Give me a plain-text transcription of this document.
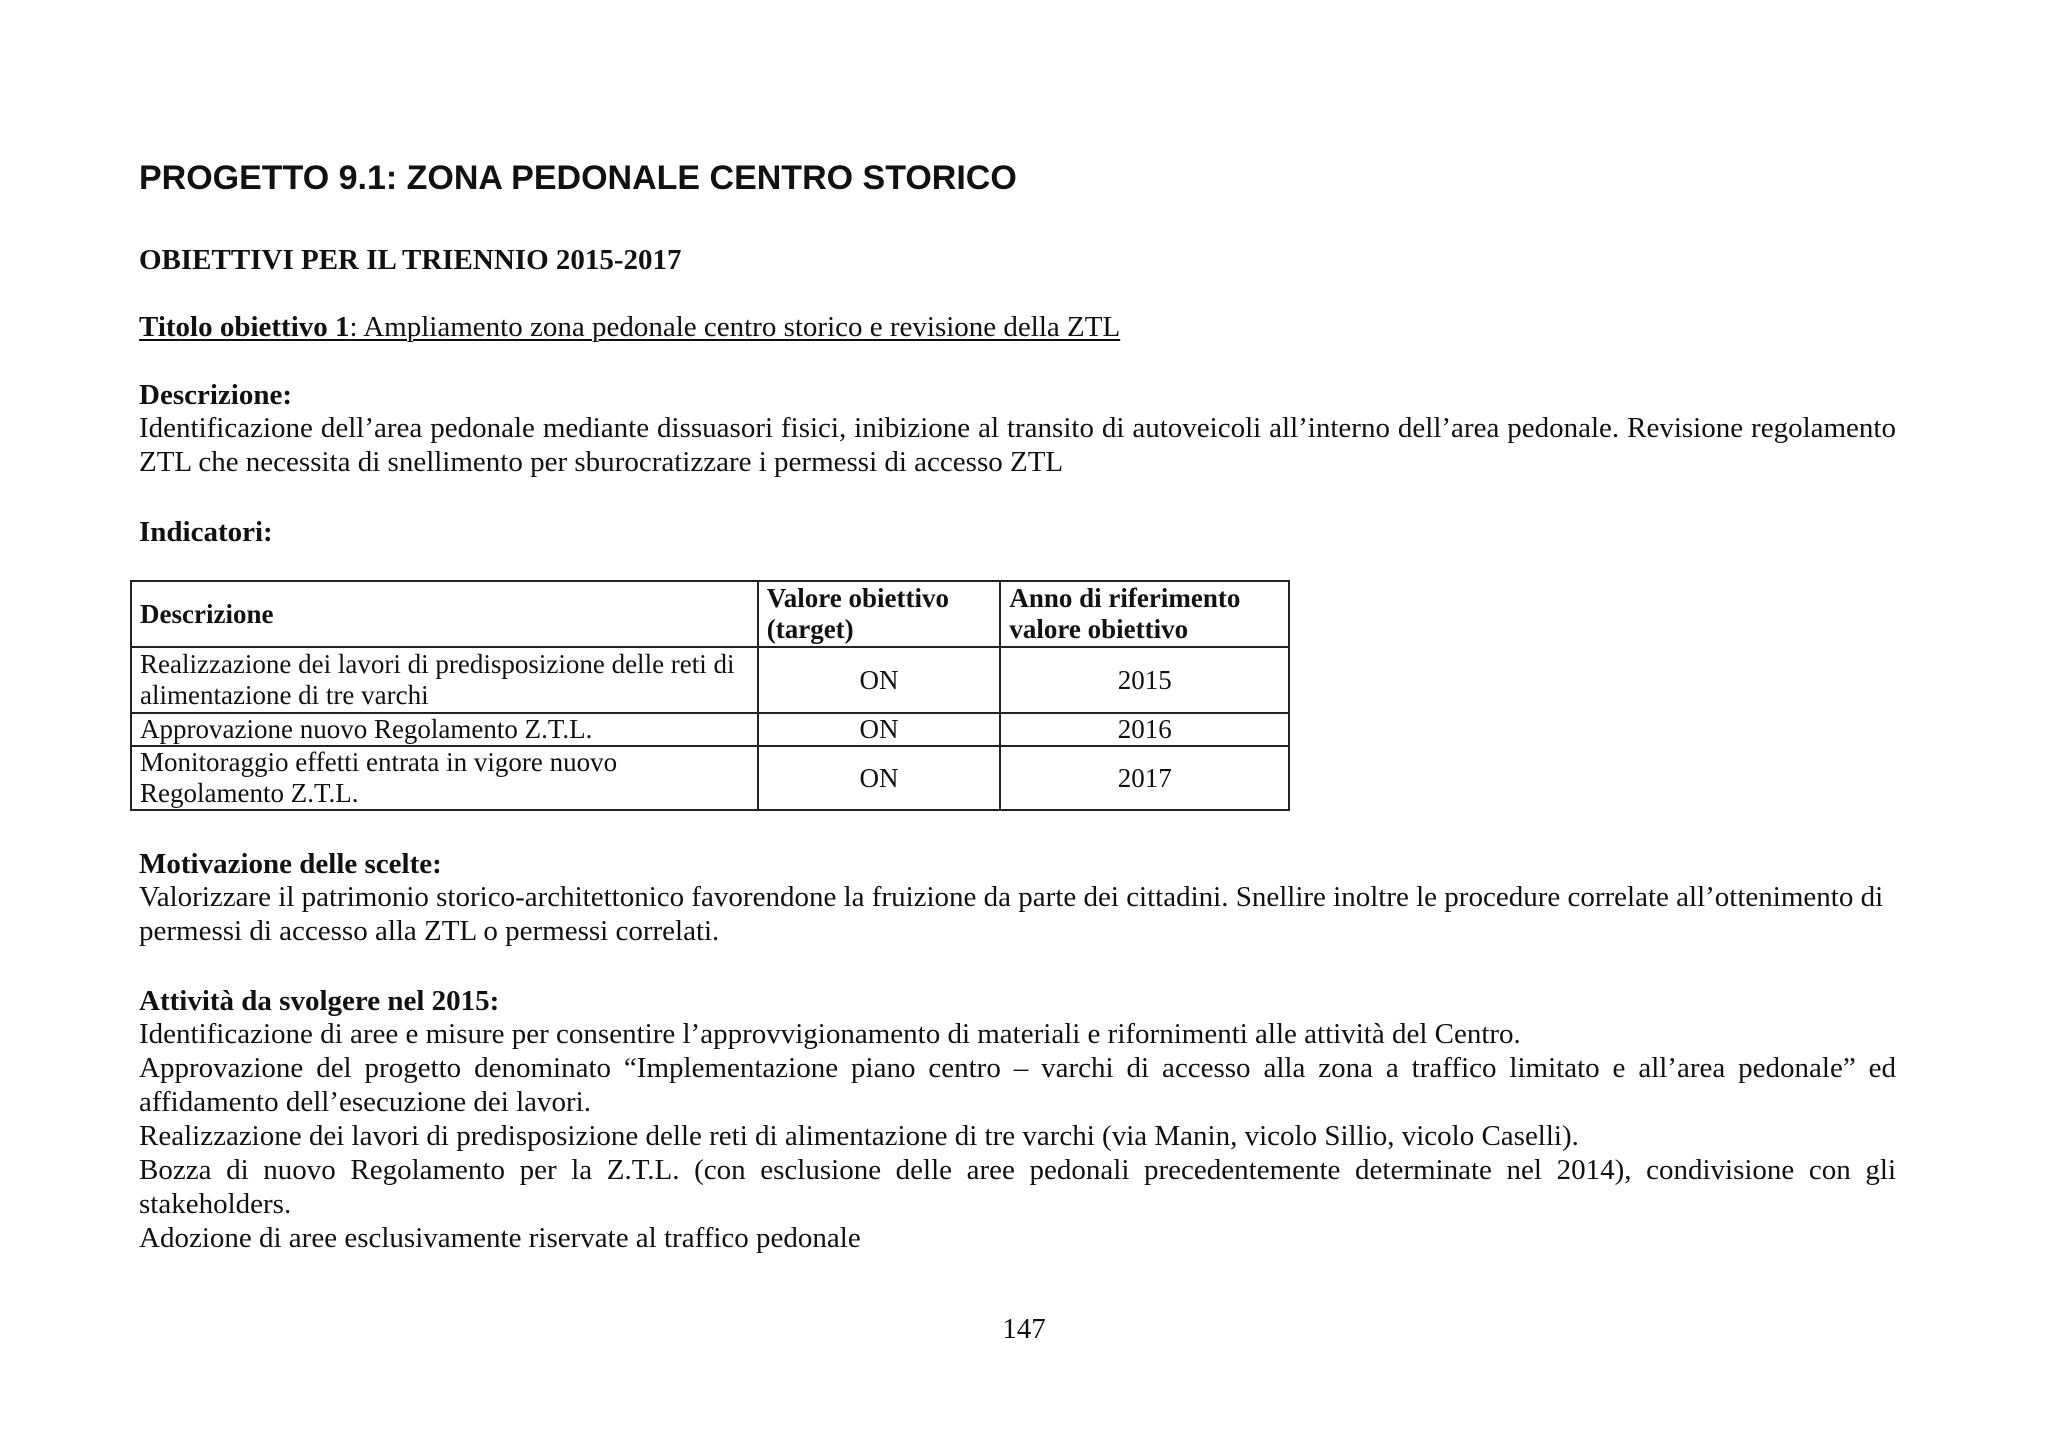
PROGETTO 9.1: ZONA PEDONALE CENTRO STORICO
OBIETTIVI PER IL TRIENNIO 2015-2017

Titolo obiettivo 1: Ampliamento zona pedonale centro storico e revisione della ZTL

Descrizione:

Identificazione dell’area pedonale mediante dissuasori fisici, inibizione al transito di autoveicoli all’interno dell’area pedonale. Revisione regolamento ZTL che necessita di snellimento per sburocratizzare i permessi di accesso ZTL

Indicatori:
Descrizione	Valore obiettivo (target)	Anno di riferimento valore obiettivo
Realizzazione dei lavori di predisposizione delle reti di alimentazione di tre varchi	ON	2015
Approvazione nuovo Regolamento Z.T.L.	ON	2016
Monitoraggio effetti entrata in vigore nuovo Regolamento Z.T.L.	ON	2017
Motivazione delle scelte:

Valorizzare il patrimonio storico-architettonico favorendone la fruizione da parte dei cittadini. Snellire inoltre le procedure correlate all’ottenimento di permessi di accesso alla ZTL o permessi correlati.

Attività da svolgere nel 2015:

Identificazione di aree e misure per consentire l’approvvigionamento di materiali e rifornimenti alle attività del Centro.

Approvazione del progetto denominato “Implementazione piano centro – varchi di accesso alla zona a traffico limitato e all’area pedonale” ed affidamento dell’esecuzione dei lavori.

Realizzazione dei lavori di predisposizione delle reti di alimentazione di tre varchi (via Manin, vicolo Sillio, vicolo Caselli).

Bozza di nuovo Regolamento per la Z.T.L. (con esclusione delle aree pedonali precedentemente determinate nel 2014), condivisione con gli stakeholders.

Adozione di aree esclusivamente riservate al traffico pedonale

147
